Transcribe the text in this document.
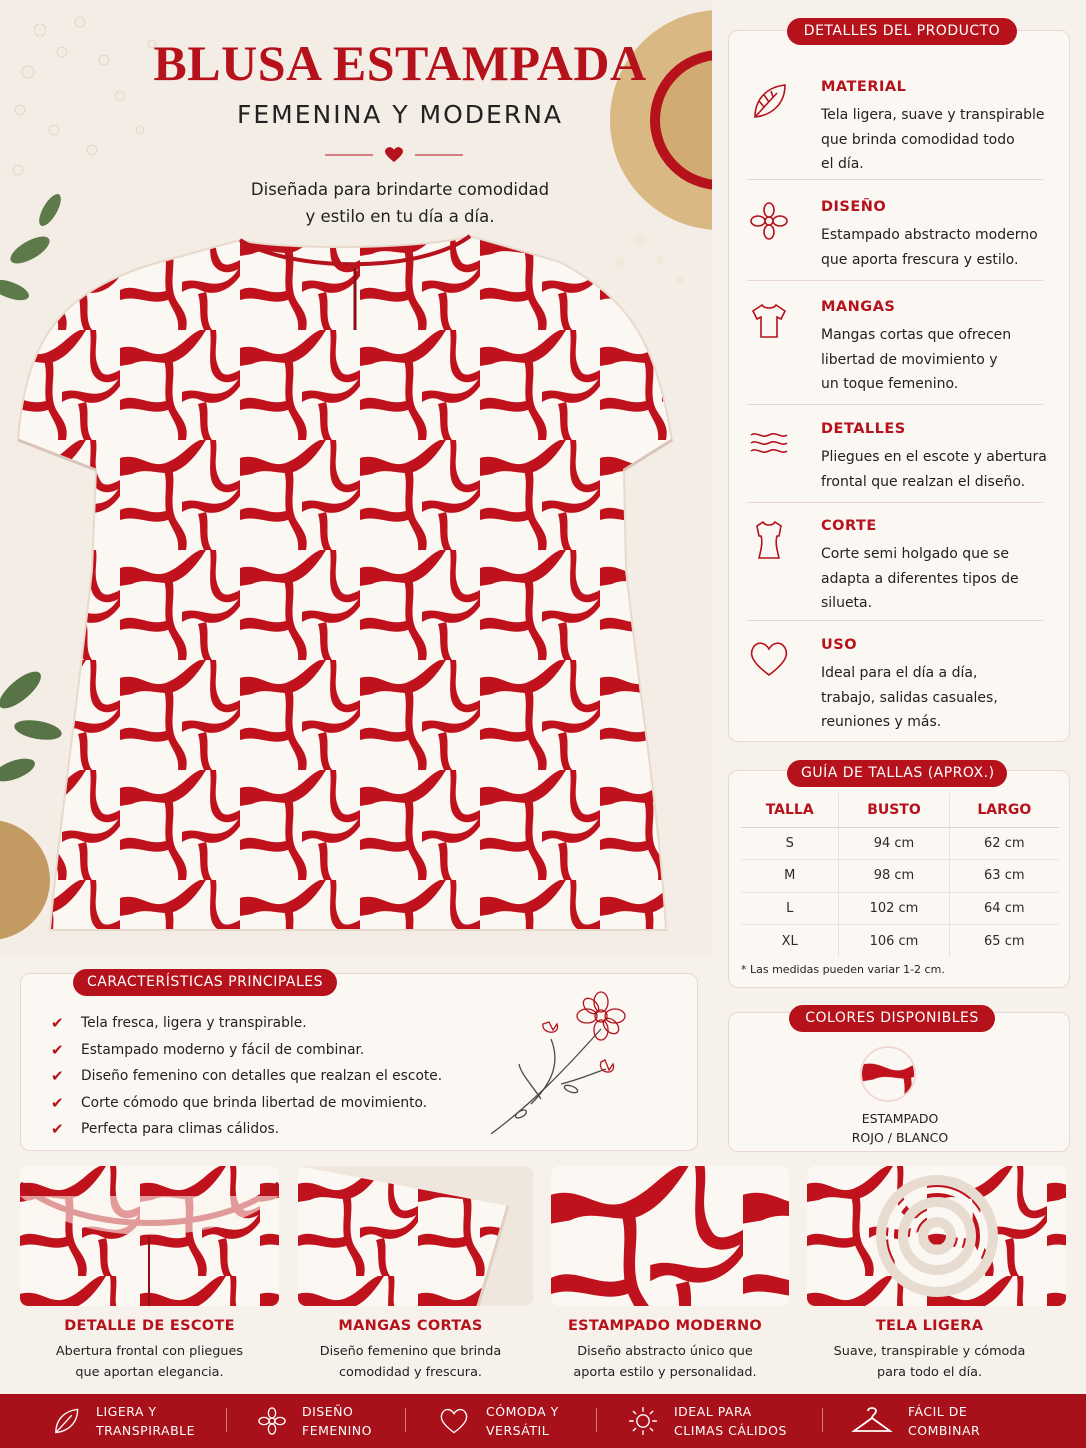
BLUSA ESTAMPADA
FEMENINA Y MODERNA
Diseñada para brindarte comodidad
y estilo en tu día a día.
DETALLES DEL PRODUCTO
MATERIAL
Tela ligera, suave y transpirable
que brinda comodidad todo
el día.
DISEÑO
Estampado abstracto moderno
que aporta frescura y estilo.
MANGAS
Mangas cortas que ofrecen
libertad de movimiento y
un toque femenino.
DETALLES
Pliegues en el escote y abertura
frontal que realzan el diseño.
CORTE
Corte semi holgado que se
adapta a diferentes tipos de
silueta.
USO
Ideal para el día a día,
trabajo, salidas casuales,
reuniones y más.
GUÍA DE TALLAS (APROX.)
TALLA	BUSTO	LARGO
S	94 cm	62 cm
M	98 cm	63 cm
L	102 cm	64 cm
XL	106 cm	65 cm
* Las medidas pueden variar 1-2 cm.
CARACTERÍSTICAS PRINCIPALES
✔	Tela fresca, ligera y transpirable.
✔	Estampado moderno y fácil de combinar.
✔	Diseño femenino con detalles que realzan el escote.
✔	Corte cómodo que brinda libertad de movimiento.
✔	Perfecta para climas cálidos.
COLORES DISPONIBLES
ESTAMPADO
ROJO / BLANCO
DETALLE DE ESCOTE
Abertura frontal con pliegues
que aportan elegancia.
MANGAS CORTAS
Diseño femenino que brinda
comodidad y frescura.
ESTAMPADO MODERNO
Diseño abstracto único que
aporta estilo y personalidad.
TELA LIGERA
Suave, transpirable y cómoda
para todo el día.
LIGERA Y
TRANSPIRABLE
DISEÑO
FEMENINO
CÓMODA Y
VERSÁTIL
IDEAL PARA
CLIMAS CÁLIDOS
FÁCIL DE
COMBINAR
